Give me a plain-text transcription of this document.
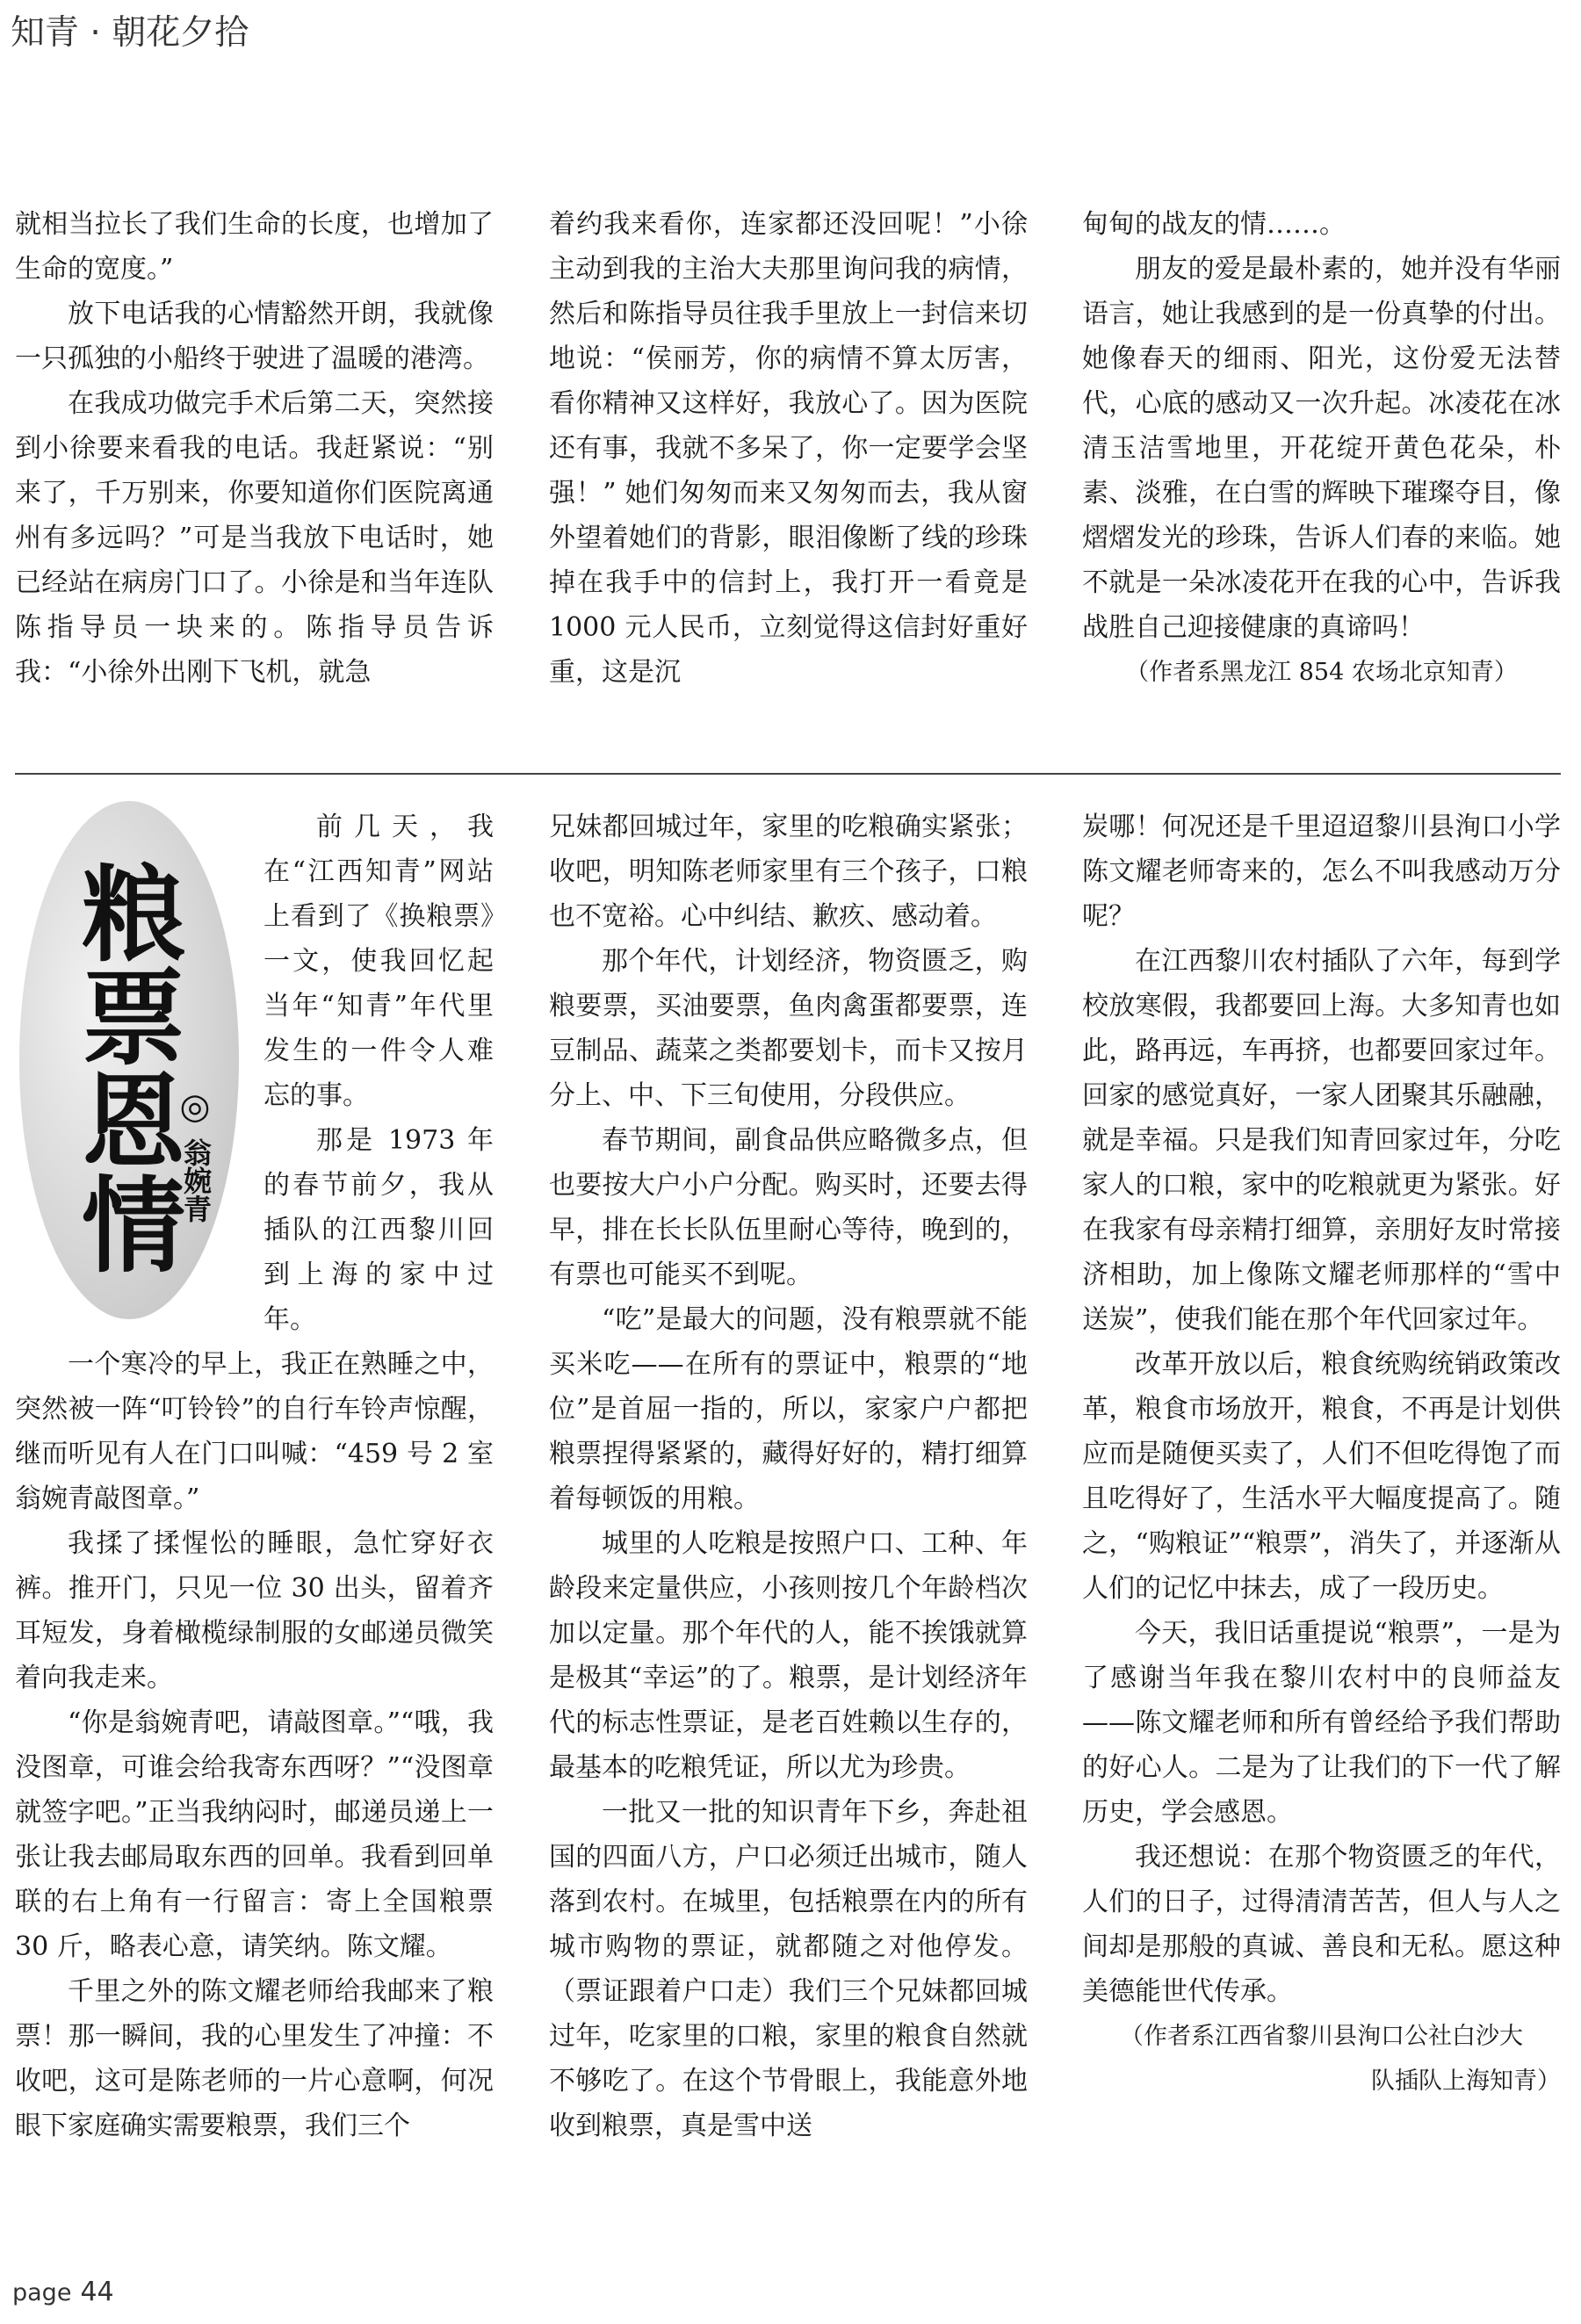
知青 · 朝花夕拾

就相当拉长了我们生命的长度，也增加了生命的宽度。”

放下电话我的心情豁然开朗，我就像一只孤独的小船终于驶进了温暖的港湾。

在我成功做完手术后第二天，突然接到小徐要来看我的电话。我赶紧说：“别来了，千万别来，你要知道你们医院离通州有多远吗？”可是当我放下电话时，她已经站在病房门口了。小徐是和当年连队陈指导员一块来的。陈指导员告诉我：“小徐外出刚下飞机，就急

着约我来看你，连家都还没回呢！”小徐主动到我的主治大夫那里询问我的病情，然后和陈指导员往我手里放上一封信来切地说：“侯丽芳，你的病情不算太厉害，看你精神又这样好，我放心了。因为医院还有事，我就不多呆了，你一定要学会坚强！” 她们匆匆而来又匆匆而去，我从窗外望着她们的背影，眼泪像断了线的珍珠掉在我手中的信封上，我打开一看竟是 1000 元人民币，立刻觉得这信封好重好重，这是沉

甸甸的战友的情……。

朋友的爱是最朴素的，她并没有华丽语言，她让我感到的是一份真挚的付出。她像春天的细雨、阳光，这份爱无法替代，心底的感动又一次升起。冰凌花在冰清玉洁雪地里，开花绽开黄色花朵，朴素、淡雅，在白雪的辉映下璀璨夺目，像熠熠发光的珍珠，告诉人们春的来临。她不就是一朵冰凌花开在我的心中，告诉我战胜自己迎接健康的真谛吗！

（作者系黑龙江 854 农场北京知青）

粮票恩情
◎
翁婉青

前几天，我在“江西知青”网站上看到了《换粮票》一文，使我回忆起当年“知青”年代里发生的一件令人难忘的事。

那是 1973 年的春节前夕，我从插队的江西黎川回到上海的家中过年。

一个寒冷的早上，我正在熟睡之中，突然被一阵“叮铃铃”的自行车铃声惊醒，继而听见有人在门口叫喊：“459 号 2 室翁婉青敲图章。”

我揉了揉惺忪的睡眼，急忙穿好衣裤。推开门，只见一位 30 出头，留着齐耳短发，身着橄榄绿制服的女邮递员微笑着向我走来。

“你是翁婉青吧，请敲图章。”“哦，我没图章，可谁会给我寄东西呀？”“没图章就签字吧。”正当我纳闷时，邮递员递上一张让我去邮局取东西的回单。我看到回单联的右上角有一行留言：寄上全国粮票 30 斤，略表心意，请笑纳。陈文耀。

千里之外的陈文耀老师给我邮来了粮票！那一瞬间，我的心里发生了冲撞：不收吧，这可是陈老师的一片心意啊，何况眼下家庭确实需要粮票，我们三个

兄妹都回城过年，家里的吃粮确实紧张；收吧，明知陈老师家里有三个孩子，口粮也不宽裕。心中纠结、歉疚、感动着。

那个年代，计划经济，物资匮乏，购粮要票，买油要票，鱼肉禽蛋都要票，连豆制品、蔬菜之类都要划卡，而卡又按月分上、中、下三旬使用，分段供应。

春节期间，副食品供应略微多点，但也要按大户小户分配。购买时，还要去得早，排在长长队伍里耐心等待，晚到的，有票也可能买不到呢。

“吃”是最大的问题，没有粮票就不能买米吃——在所有的票证中，粮票的“地位”是首屈一指的，所以，家家户户都把粮票捏得紧紧的，藏得好好的，精打细算着每顿饭的用粮。

城里的人吃粮是按照户口、工种、年龄段来定量供应，小孩则按几个年龄档次加以定量。那个年代的人，能不挨饿就算是极其“幸运”的了。粮票，是计划经济年代的标志性票证，是老百姓赖以生存的，最基本的吃粮凭证，所以尤为珍贵。

一批又一批的知识青年下乡，奔赴祖国的四面八方，户口必须迁出城市，随人落到农村。在城里，包括粮票在内的所有城市购物的票证，就都随之对他停发。（票证跟着户口走）我们三个兄妹都回城过年，吃家里的口粮，家里的粮食自然就不够吃了。在这个节骨眼上，我能意外地收到粮票，真是雪中送

炭哪！何况还是千里迢迢黎川县洵口小学陈文耀老师寄来的，怎么不叫我感动万分呢？

在江西黎川农村插队了六年，每到学校放寒假，我都要回上海。大多知青也如此，路再远，车再挤，也都要回家过年。回家的感觉真好，一家人团聚其乐融融，就是幸福。只是我们知青回家过年，分吃家人的口粮，家中的吃粮就更为紧张。好在我家有母亲精打细算，亲朋好友时常接济相助，加上像陈文耀老师那样的“雪中送炭”，使我们能在那个年代回家过年。

改革开放以后，粮食统购统销政策改革，粮食市场放开，粮食，不再是计划供应而是随便买卖了，人们不但吃得饱了而且吃得好了，生活水平大幅度提高了。随之，“购粮证”“粮票”，消失了，并逐渐从人们的记忆中抹去，成了一段历史。

今天，我旧话重提说“粮票”，一是为了感谢当年我在黎川农村中的良师益友——陈文耀老师和所有曾经给予我们帮助的好心人。二是为了让我们的下一代了解历史，学会感恩。

我还想说：在那个物资匮乏的年代，人们的日子，过得清清苦苦，但人与人之间却是那般的真诚、善良和无私。愿这种美德能世代传承。

（作者系江西省黎川县洵口公社白沙大

队插队上海知青）

page 44
